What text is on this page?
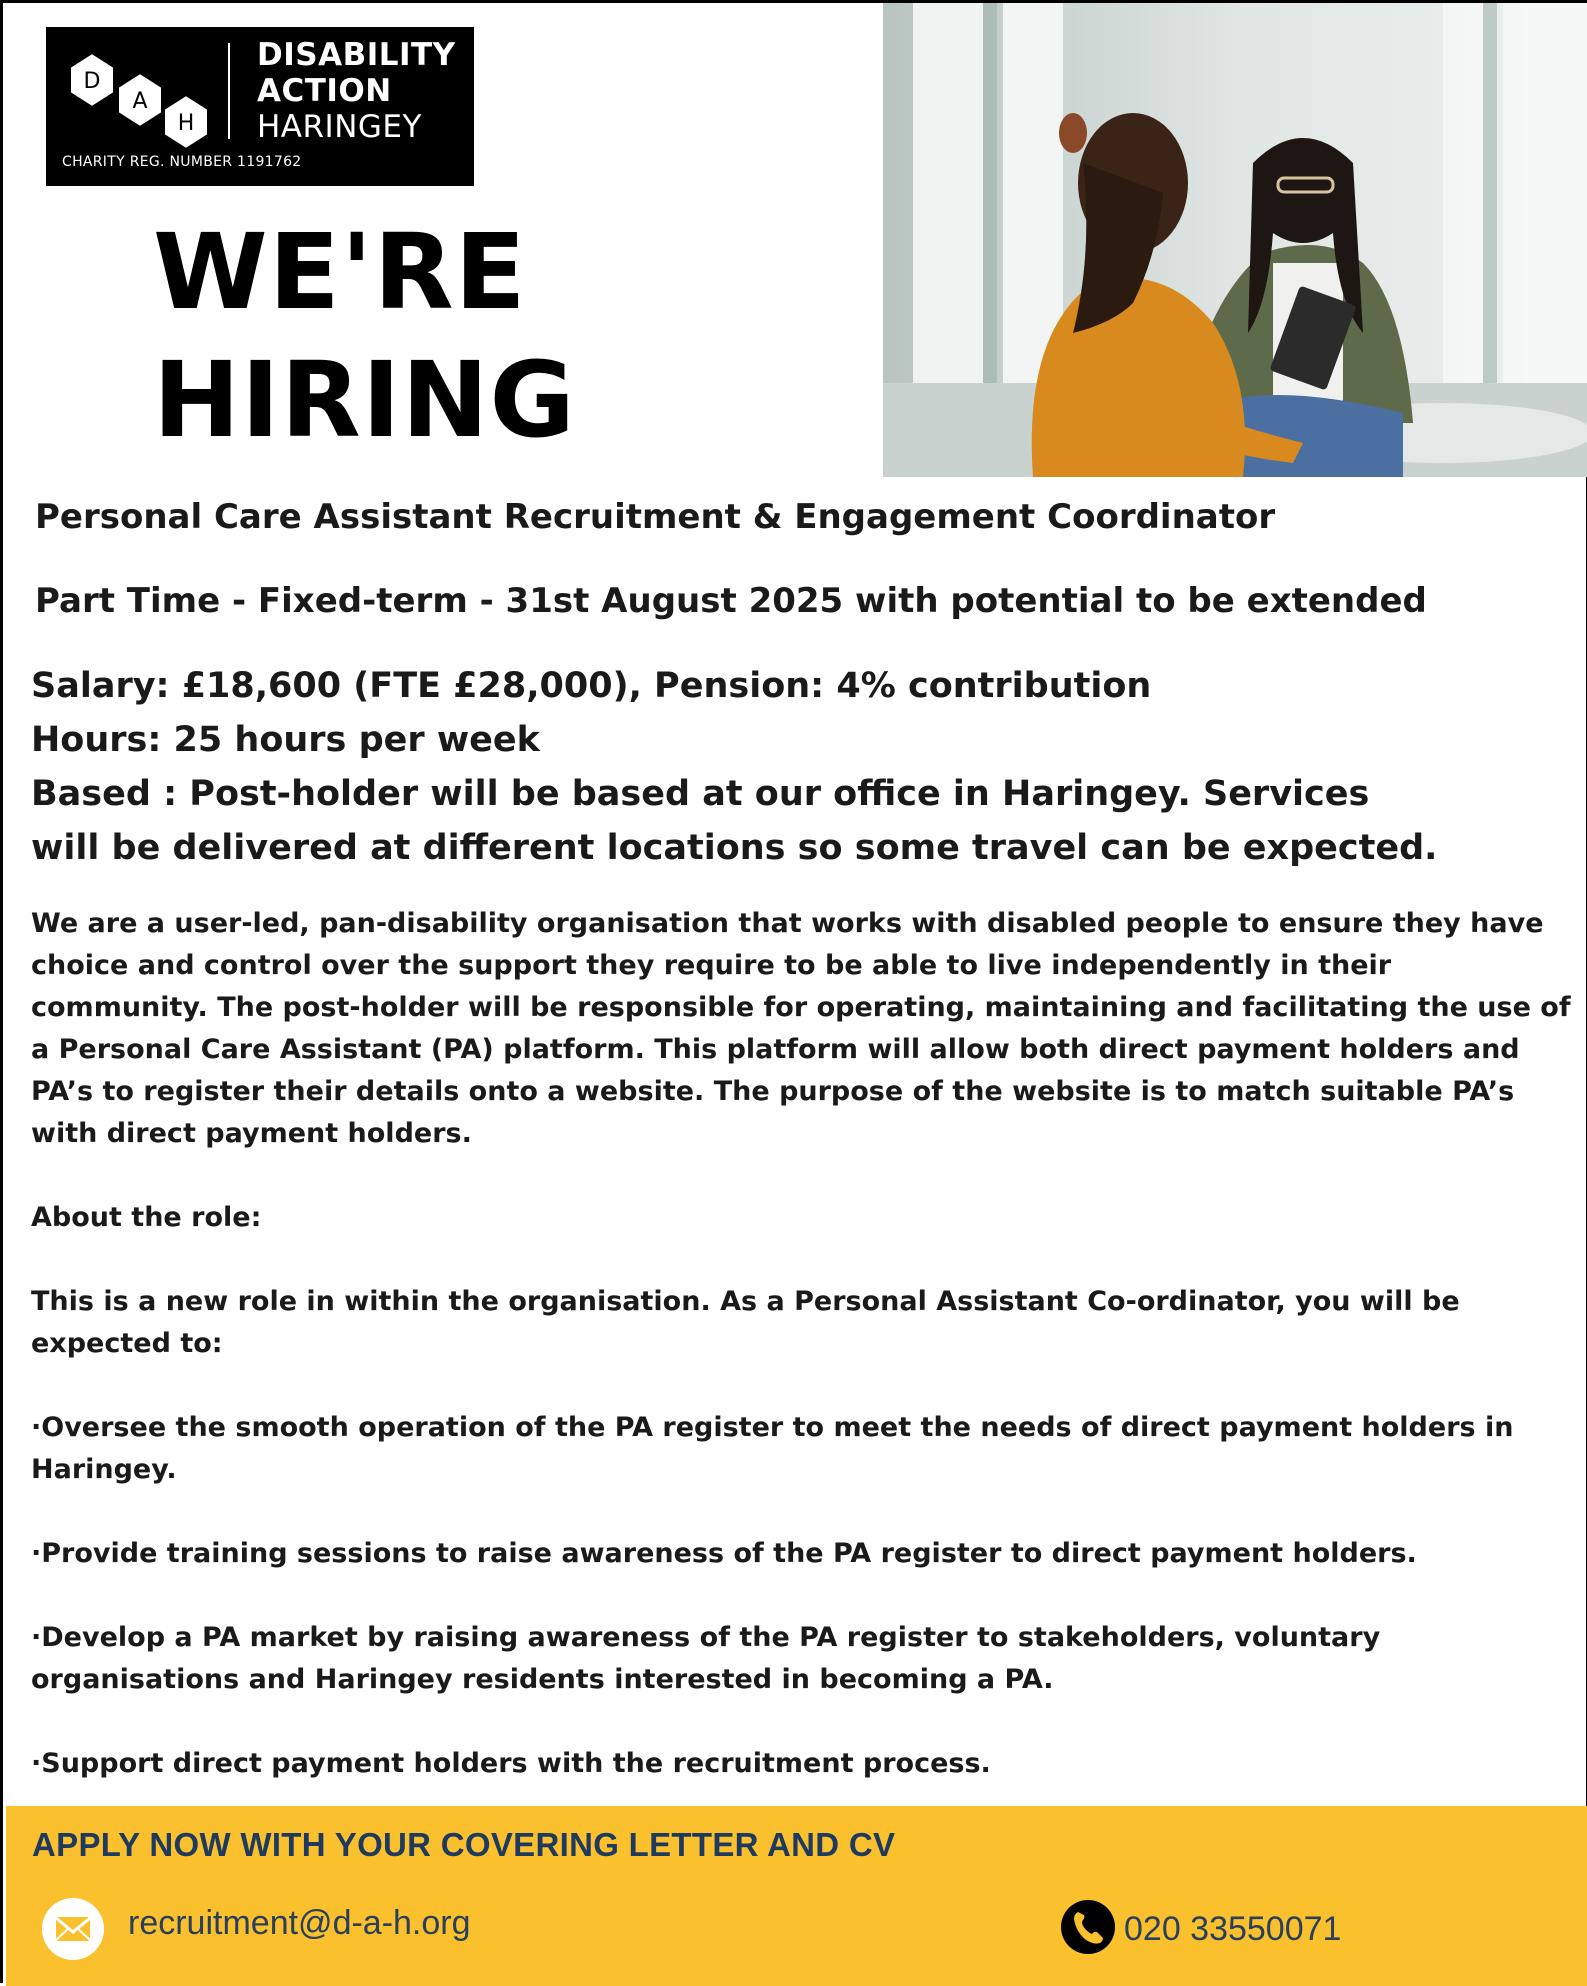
D
A
H
DISABILITY
ACTION
HARINGEY
CHARITY REG. NUMBER 1191762
WE'RE
HIRING
Personal Care Assistant Recruitment & Engagement Coordinator
Part Time - Fixed-term - 31st August 2025 with potential to be extended
Salary: £18,600 (FTE £28,000), Pension: 4% contribution
Hours: 25 hours per week
Based : Post-holder will be based at our office in Haringey. Services
will be delivered at different locations so some travel can be expected.

We are a user-led, pan-disability organisation that works with disabled people to ensure they have choice and control over the support they require to be able to live independently in their community. The post-holder will be responsible for operating, maintaining and facilitating the use of a Personal Care Assistant (PA) platform. This platform will allow both direct payment holders and PA’s to register their details onto a website. The purpose of the website is to match suitable PA’s with direct payment holders.

About the role:

This is a new role in within the organisation. As a Personal Assistant Co-ordinator, you will be expected to:

·Oversee the smooth operation of the PA register to meet the needs of direct payment holders in Haringey.

·Provide training sessions to raise awareness of the PA register to direct payment holders.

·Develop a PA market by raising awareness of the PA register to stakeholders, voluntary organisations and Haringey residents interested in becoming a PA.

·Support direct payment holders with the recruitment process.

APPLY NOW WITH YOUR COVERING LETTER AND CV
recruitment@d-a-h.org	020 33550071
